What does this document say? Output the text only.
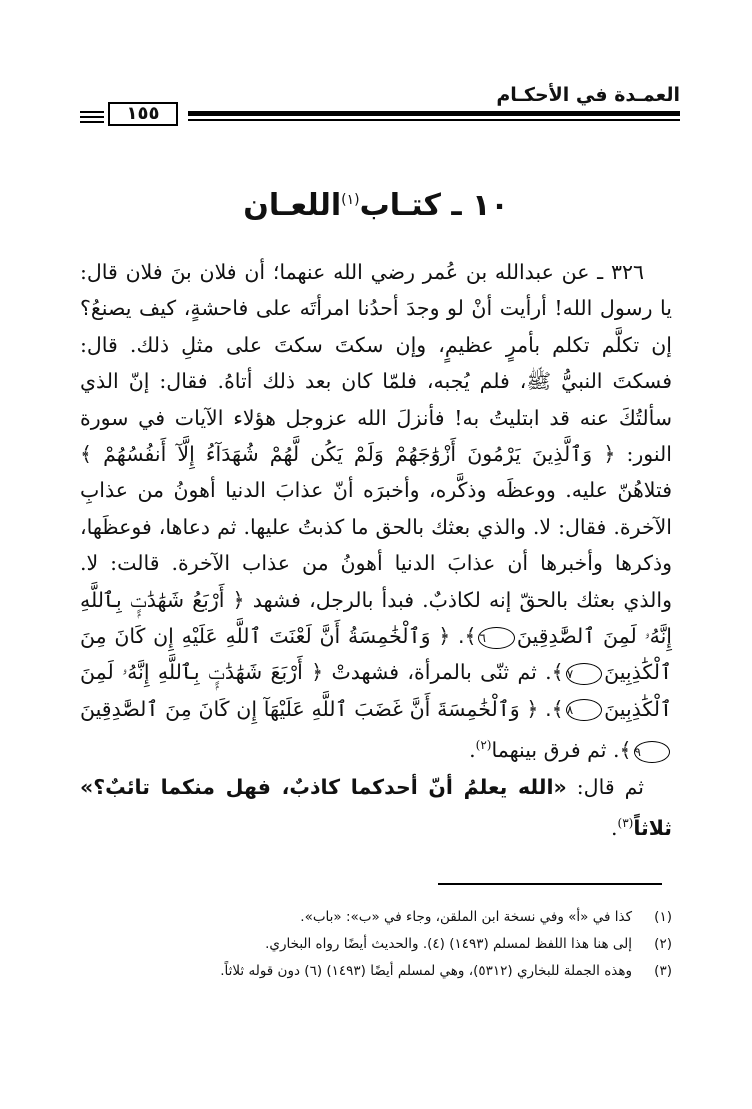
العمـدة في الأحكـام
١٥٥
١٠ ـ كتـاب$^{(١)}$اللعـان

٣٢٦ ـ عن عبدالله بن عُمر رضي الله عنهما؛ أن فلان بنَ فلان قال: يا رسول الله! أرأيت أنْ لو وجدَ أحدُنا امرأتَه على فاحشةٍ، كيف يصنعُ؟ إن تكلَّم تكلم بأمرٍ عظيمٍ، وإن سكتَ سكتَ على مثلِ ذلك. قال: فسكتَ النبيُّ ﷺ، فلم يُجبه، فلمّا كان بعد ذلك أتاهُ. فقال: إنّ الذي سألتُكَ عنه قد ابتليتُ به! فأنزلَ الله عزوجل هؤلاء الآيات في سورة النور: ﴿ وَٱلَّذِينَ يَرْمُونَ أَزْوَٰجَهُمْ وَلَمْ يَكُن لَّهُمْ شُهَدَآءُ إِلَّآ أَنفُسُهُمْ ﴾ فتلاهُنّ عليه. ووعظَه وذكَّره، وأخبرَه أنّ عذابَ الدنيا أهونُ من عذابِ الآخرة. فقال: لا. والذي بعثك بالحق ما كذبتُ عليها. ثم دعاها، فوعظَها، وذكرها وأخبرها أن عذابَ الدنيا أهونُ من عذاب الآخرة. قالت: لا. والذي بعثك بالحقّ إنه لكاذبٌ. فبدأ بالرجل، فشهد ﴿ أَرْبَعُ شَهَٰدَٰتٍۭ بِٱللَّهِ إِنَّهُۥ لَمِنَ ٱلصَّٰدِقِينَ٦﴾. ﴿ وَٱلْخَٰمِسَةُ أَنَّ لَعْنَتَ ٱللَّهِ عَلَيْهِ إِن كَانَ مِنَ ٱلْكَٰذِبِينَ٧﴾. ثم ثنّى بالمرأة، فشهدتْ ﴿ أَرْبَعَ شَهَٰدَٰتٍۭ بِٱللَّهِ إِنَّهُۥ لَمِنَ ٱلْكَٰذِبِينَ٨﴾. ﴿ وَٱلْخَٰمِسَةَ أَنَّ غَضَبَ ٱللَّهِ عَلَيْهَآ إِن كَانَ مِنَ ٱلصَّٰدِقِينَ٩﴾. ثم فرق بينهما$^{(٢)}$.

ثم قال: «الله يعلمُ أنّ أحدكما كاذبٌ، فهل منكما تائبٌ؟» ثلاثاً$^{(٣)}$.

(١)
كذا في «أ» وفي نسخة ابن الملقن، وجاء في «ب»: «باب».
(٢)
إلى هنا هذا اللفظ لمسلم (١٤٩٣) (٤). والحديث أيضًا رواه البخاري.
(٣)
وهذه الجملة للبخاري (٥٣١٢)، وهي لمسلم أيضًا (١٤٩٣) (٦) دون قوله ثلاثاً.
